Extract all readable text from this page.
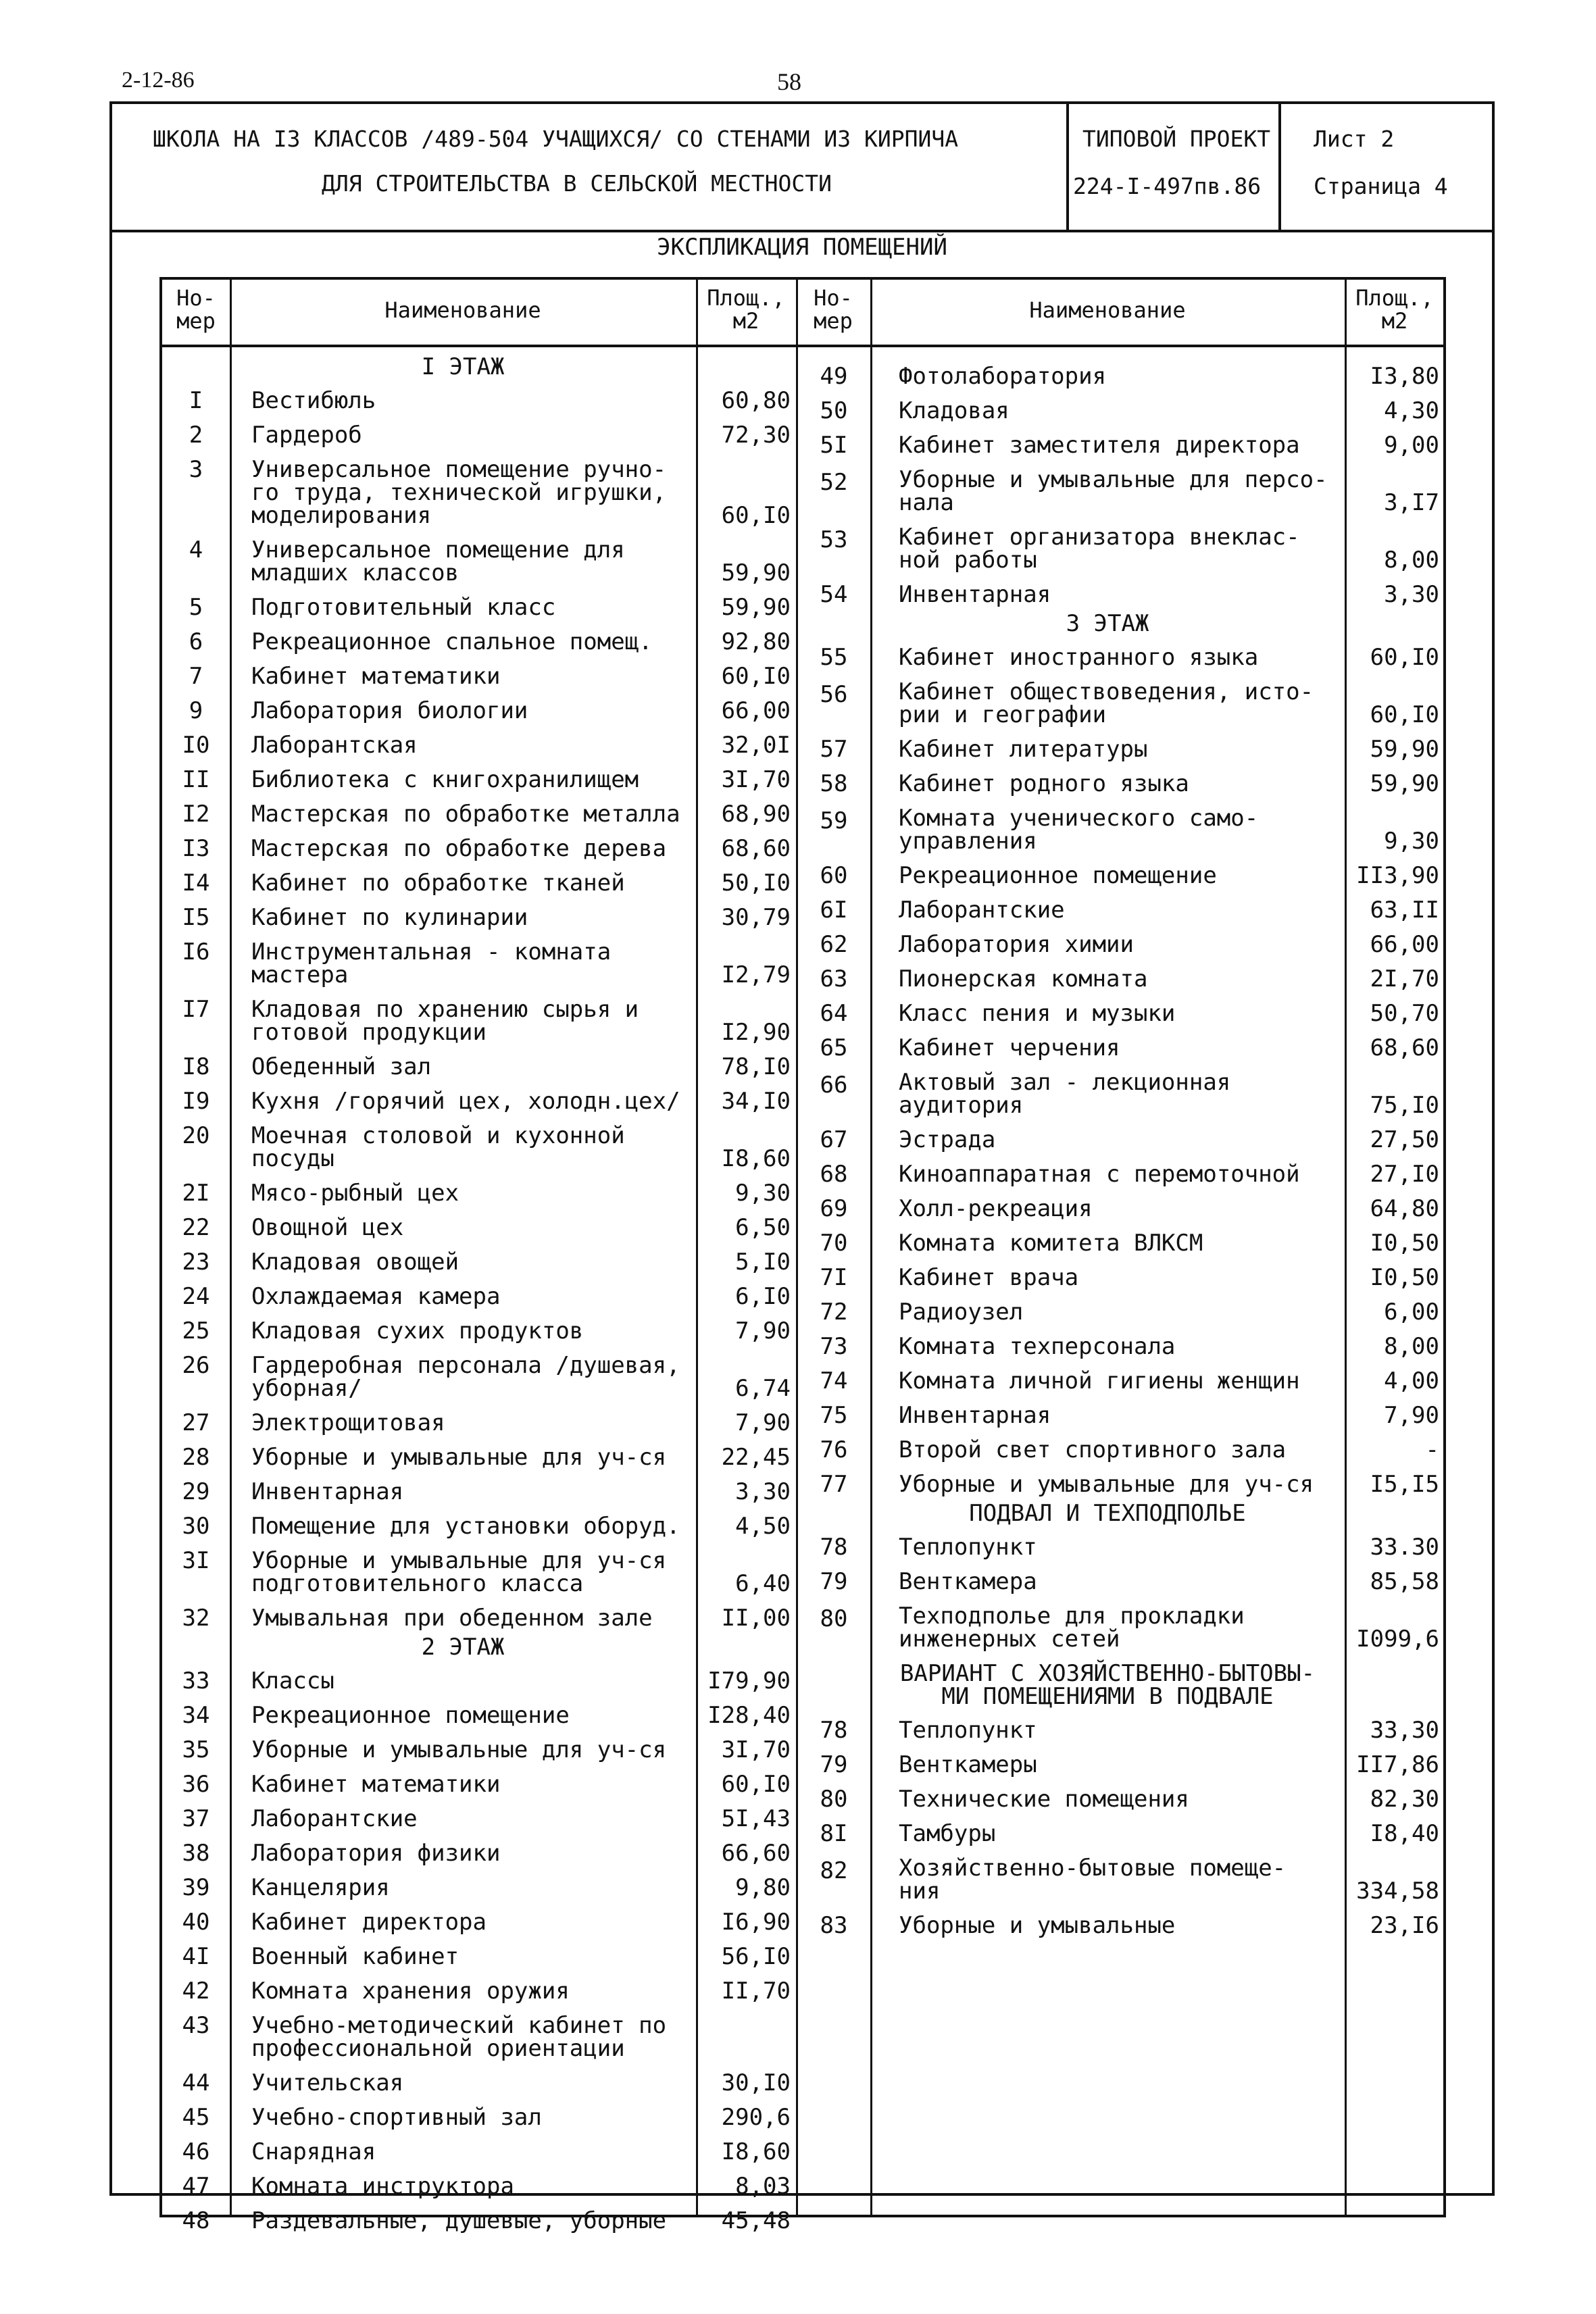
2-12-86	58
ШКОЛА НА I3 КЛАССОВ /489-504 УЧАЩИХСЯ/ СО СТЕНАМИ ИЗ КИРПИЧА
ДЛЯ СТРОИТЕЛЬСТВА В СЕЛЬСКОЙ МЕСТНОСТИ
ТИПОВОЙ ПРОЕКТ
224-I-497пв.86
Лист 2
Страница 4
ЭКСПЛИКАЦИЯ ПОМЕЩЕНИЙ
Но-
мер	Наименование	Площ.,
м2
Но-
мер	Наименование	Площ.,
м2
I ЭТАЖ
I	Вестибюль	60,80
2	Гардероб	72,30
3	Универсальное помещение ручно-
го труда, технической игрушки,
моделирования	60,I0
4	Универсальное помещение для
младших классов	59,90
5	Подготовительный класс	59,90
6	Рекреационное спальное помещ.	92,80
7	Кабинет математики	60,I0
9	Лаборатория биологии	66,00
I0	Лаборантская	32,0I
II	Библиотека с книгохранилищем	3I,70
I2	Мастерская по обработке металла	68,90
I3	Мастерская по обработке дерева	68,60
I4	Кабинет по обработке тканей	50,I0
I5	Кабинет по кулинарии	30,79
I6	Инструментальная - комната
мастера	I2,79
I7	Кладовая по хранению сырья и
готовой продукции	I2,90
I8	Обеденный зал	78,I0
I9	Кухня /горячий цех, холодн.цех/	34,I0
20	Моечная столовой и кухонной
посуды	I8,60
2I	Мясо-рыбный цех	9,30
22	Овощной цех	6,50
23	Кладовая овощей	5,I0
24	Охлаждаемая камера	6,I0
25	Кладовая сухих продуктов	7,90
26	Гардеробная персонала /душевая,
уборная/	6,74
27	Электрощитовая	7,90
28	Уборные и умывальные для уч-ся	22,45
29	Инвентарная	3,30
30	Помещение для установки оборуд.	4,50
3I	Уборные и умывальные для уч-ся
подготовительного класса	6,40
32	Умывальная при обеденном зале	II,00
2 ЭТАЖ
33	Классы	I79,90
34	Рекреационное помещение	I28,40
35	Уборные и умывальные для уч-ся	3I,70
36	Кабинет математики	60,I0
37	Лаборантские	5I,43
38	Лаборатория физики	66,60
39	Канцелярия	9,80
40	Кабинет директора	I6,90
4I	Военный кабинет	56,I0
42	Комната хранения оружия	II,70
43	Учебно-методический кабинет по
профессиональной ориентации
44	Учительская	30,I0
45	Учебно-спортивный зал	290,6
46	Снарядная	I8,60
47	Комната инструктора	8,03
48	Раздевальные, душевые, уборные	45,48
49	Фотолаборатория	I3,80
50	Кладовая	4,30
5I	Кабинет заместителя директора	9,00
52	Уборные и умывальные для персо-
нала	3,I7
53	Кабинет организатора внеклас-
ной работы	8,00
54	Инвентарная	3,30
3 ЭТАЖ
55	Кабинет иностранного языка	60,I0
56	Кабинет обществоведения, исто-
рии и географии	60,I0
57	Кабинет литературы	59,90
58	Кабинет родного языка	59,90
59	Комната ученического само-
управления	9,30
60	Рекреационное помещение	II3,90
6I	Лаборантские	63,II
62	Лаборатория химии	66,00
63	Пионерская комната	2I,70
64	Класс пения и музыки	50,70
65	Кабинет черчения	68,60
66	Актовый зал - лекционная
аудитория	75,I0
67	Эстрада	27,50
68	Киноаппаратная с перемоточной	27,I0
69	Холл-рекреация	64,80
70	Комната комитета ВЛКСМ	I0,50
7I	Кабинет врача	I0,50
72	Радиоузел	6,00
73	Комната техперсонала	8,00
74	Комната личной гигиены женщин	4,00
75	Инвентарная	7,90
76	Второй свет спортивного зала	-
77	Уборные и умывальные для уч-ся	I5,I5
ПОДВАЛ И ТЕХПОДПОЛЬЕ
78	Теплопункт	33.30
79	Венткамера	85,58
80	Техподполье для прокладки
инженерных сетей	I099,6
ВАРИАНТ С ХОЗЯЙСТВЕННО-БЫТОВЫ-
МИ ПОМЕЩЕНИЯМИ В ПОДВАЛЕ
78	Теплопункт	33,30
79	Венткамеры	II7,86
80	Технические помещения	82,30
8I	Тамбуры	I8,40
82	Хозяйственно-бытовые помеще-
ния	334,58
83	Уборные и умывальные	23,I6
